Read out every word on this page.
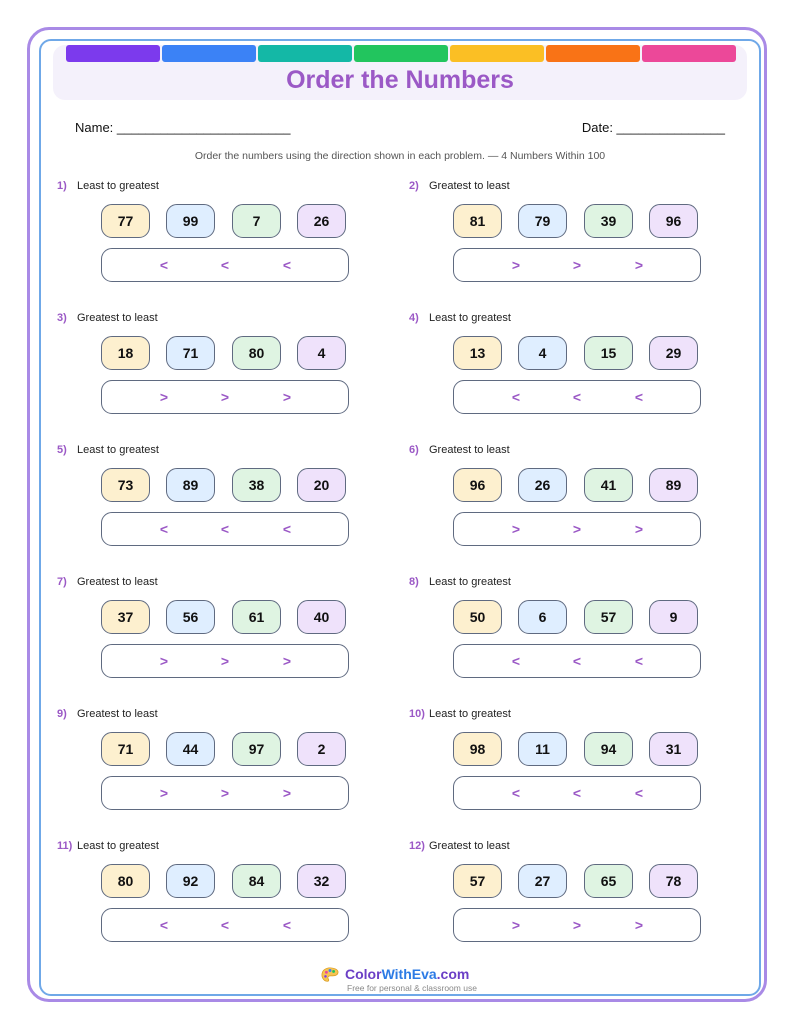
Order the Numbers
Name: ________________________	Date: _______________
Order the numbers using the direction shown in each problem. — 4 Numbers Within 100
1) Least to greatest
77	99	7	26
<	<	<
2) Greatest to least
81	79	39	96
>	>	>
3) Greatest to least
18	71	80	4
>	>	>
4) Least to greatest
13	4	15	29
<	<	<
5) Least to greatest
73	89	38	20
<	<	<
6) Greatest to least
96	26	41	89
>	>	>
7) Greatest to least
37	56	61	40
>	>	>
8) Least to greatest
50	6	57	9
<	<	<
9) Greatest to least
71	44	97	2
>	>	>
10) Least to greatest
98	11	94	31
<	<	<
11) Least to greatest
80	92	84	32
<	<	<
12) Greatest to least
57	27	65	78
>	>	>
ColorWithEva.com
Free for personal & classroom use
